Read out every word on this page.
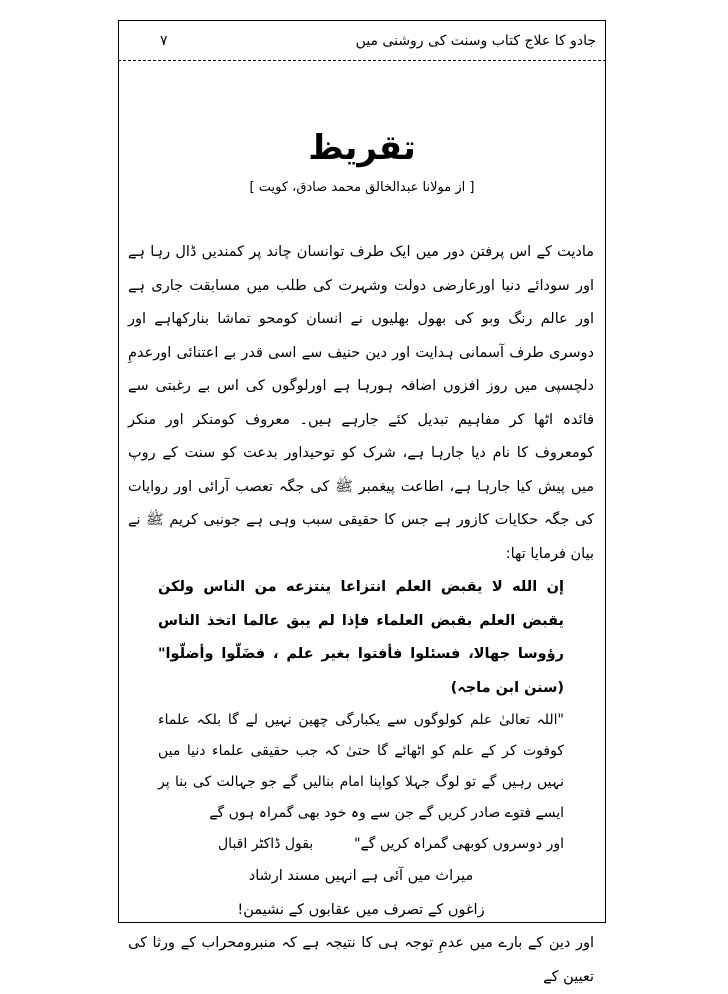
جادو کا علاج کتاب وسنت کی روشنی میں
۷
تقریظ
[ از مولانا عبدالخالق محمد صادق، کویت ]

مادیت کے اس پرفتن دور میں ایک طرف توانسان چاند پر کمندیں ڈال رہا ہے اور سودائے دنیا اورعارضی دولت وشہرت کی طلب میں مسابقت جاری ہے اور عالم رنگ وبو کی بھول بھلیوں نے انسان کومحو تماشا بنارکھاہے اور دوسری طرف آسمانی ہدایت اور دین حنیف سے اسی قدر بے اعتنائی اورعدمِ دلچسپی میں روز افزوں اضافہ ہورہا ہے اورلوگوں کی اس بے رغبتی سے فائدہ اٹھا کر مفاہیم تبدیل کئے جارہے ہیں۔ معروف کومنکر اور منکر کومعروف کا نام دیا جارہا ہے، شرک کو توحیداور بدعت کو سنت کے روپ میں پیش کیا جارہا ہے، اطاعت پیغمبر ﷺ کی جگہ تعصب آرائی اور روایات کی جگہ حکایات کازور ہے جس کا حقیقی سبب وہی ہے جونبی کریم ﷺ نے بیان فرمایا تھا:

إن الله لا يقبض العلم انتزاعا ينتزعه من الناس ولكن يقبض العلم بقبض العلماء فإذا لم يبق عالما اتخذ الناس رؤوسا جهالا، فسئلوا فأفتوا بغير علم ، فضَلّوا وأضلّوا" (سنن ابن ماجہ)

"اللہ تعالیٰ علم کولوگوں سے یکبارگی چھین نہیں لے گا بلکہ علماء کوفوت کر کے علم کو اٹھائے گا حتیٰ کہ جب حقیقی علماء دنیا میں نہیں رہیں گے تو لوگ جہلا کواپنا امام بنالیں گے جو جہالت کی بنا پر ایسے فتوے صادر کریں گے جن سے وہ خود بھی گمراہ ہوں گے

اور دوسروں کوبھی گمراہ کریں گے"
بقول ڈاکٹر اقبال

میراث میں آئی ہے انہیں مسند ارشاد

زاغوں کے تصرف میں عقابوں کے نشیمن!

اور دین کے بارے میں عدمِ توجہ ہی کا نتیجہ ہے کہ منبرومحراب کے ورثا کی تعیین کے
